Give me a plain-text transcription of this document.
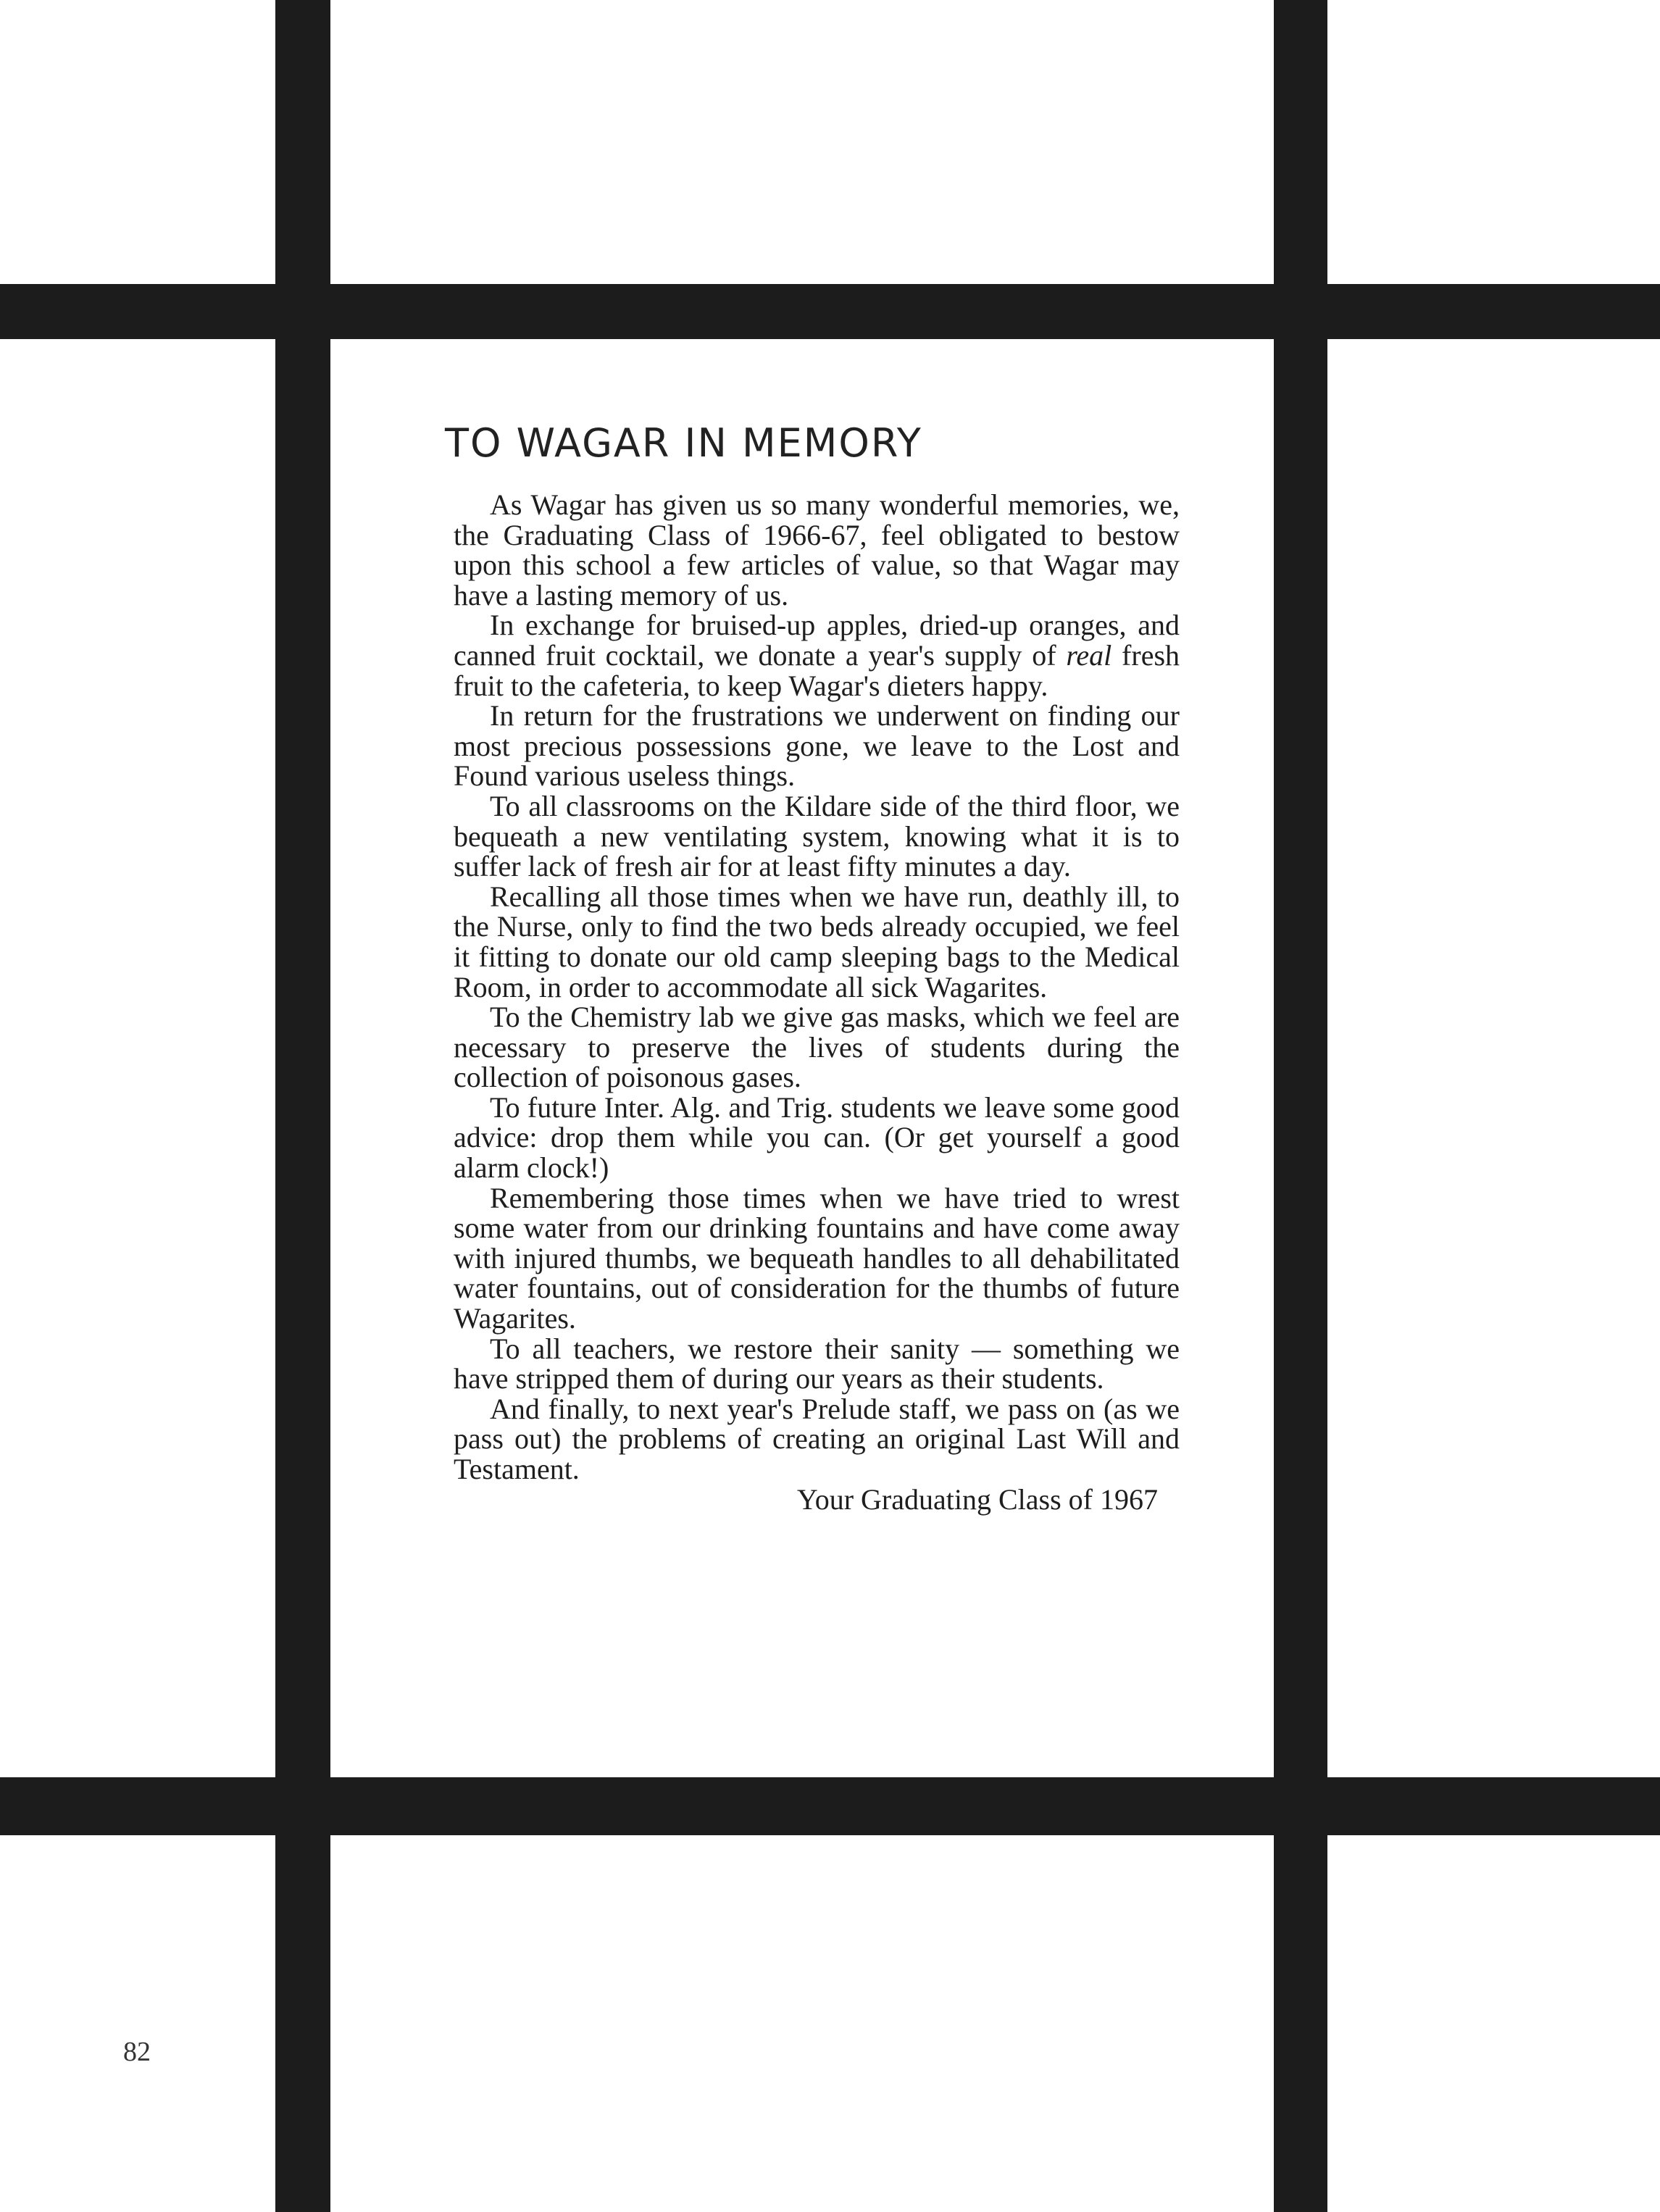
TO WAGAR IN MEMORY

As Wagar has given us so many wonderful memories, we, the Graduating Class of 1966-67, feel obligated to bestow upon this school a few articles of value, so that Wagar may have a lasting memory of us.

In exchange for bruised-up apples, dried-up oranges, and canned fruit cocktail, we donate a year's supply of real fresh fruit to the cafeteria, to keep Wagar's dieters happy.

In return for the frustrations we underwent on finding our most precious possessions gone, we leave to the Lost and Found various useless things.

To all classrooms on the Kildare side of the third floor, we bequeath a new ventilating system, knowing what it is to suffer lack of fresh air for at least fifty minutes a day.

Recalling all those times when we have run, deathly ill, to the Nurse, only to find the two beds already occupied, we feel it fitting to donate our old camp sleeping bags to the Medical Room, in order to accommodate all sick Wagarites.

To the Chemistry lab we give gas masks, which we feel are necessary to preserve the lives of students during the collection of poisonous gases.

To future Inter. Alg. and Trig. students we leave some good advice: drop them while you can. (Or get yourself a good alarm clock!)

Remembering those times when we have tried to wrest some water from our drinking fountains and have come away with injured thumbs, we bequeath handles to all dehabilitated water fountains, out of consideration for the thumbs of future Wagarites.

To all teachers, we restore their sanity — something we have stripped them of during our years as their students.

And finally, to next year's Prelude staff, we pass on (as we pass out) the problems of creating an original Last Will and Testament.

Your Graduating Class of 1967

82
